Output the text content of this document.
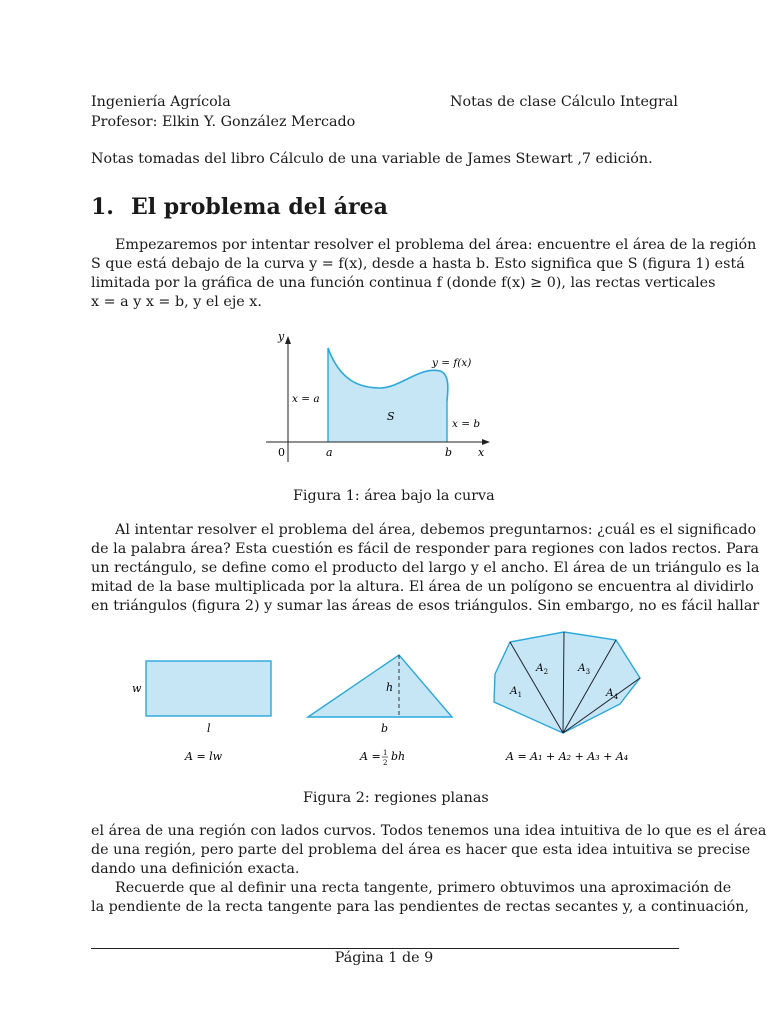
Ingeniería Agrícola
Profesor: Elkin Y. González Mercado
Notas de clase Cálculo Integral
Notas tomadas del libro Cálculo de una variable de James Stewart ,7 edición.
1. El problema del área
Empezaremos por intentar resolver el problema del área: encuentre el área de la región
S que está debajo de la curva y = f(x), desde a hasta b. Esto significa que S (figura 1) está
limitada por la gráfica de una función continua f (donde f(x) ≥ 0), las rectas verticales
x = a y x = b, y el eje x.
y
x
0	a	b
y = f(x)
x = a
x = b
S
Figura 1: área bajo la curva
Al intentar resolver el problema del área, debemos preguntarnos: ¿cuál es el significado
de la palabra área? Esta cuestión es fácil de responder para regiones con lados rectos. Para
un rectángulo, se define como el producto del largo y el ancho. El área de un triángulo es la
mitad de la base multiplicada por la altura. El área de un polígono se encuentra al dividirlo
en triángulos (figura 2) y sumar las áreas de esos triángulos. Sin embargo, no es fácil hallar
w
l
A = lw
h
b
A = 1
2 bh
$A_1$
$A_2$	$A_3$
$A_4$
A = A₁ + A₂ + A₃ + A₄
Figura 2: regiones planas
el área de una región con lados curvos. Todos tenemos una idea intuitiva de lo que es el área
de una región, pero parte del problema del área es hacer que esta idea intuitiva se precise
dando una definición exacta.
Recuerde que al definir una recta tangente, primero obtuvimos una aproximación de
la pendiente de la recta tangente para las pendientes de rectas secantes y, a continuación,
Página 1 de 9
